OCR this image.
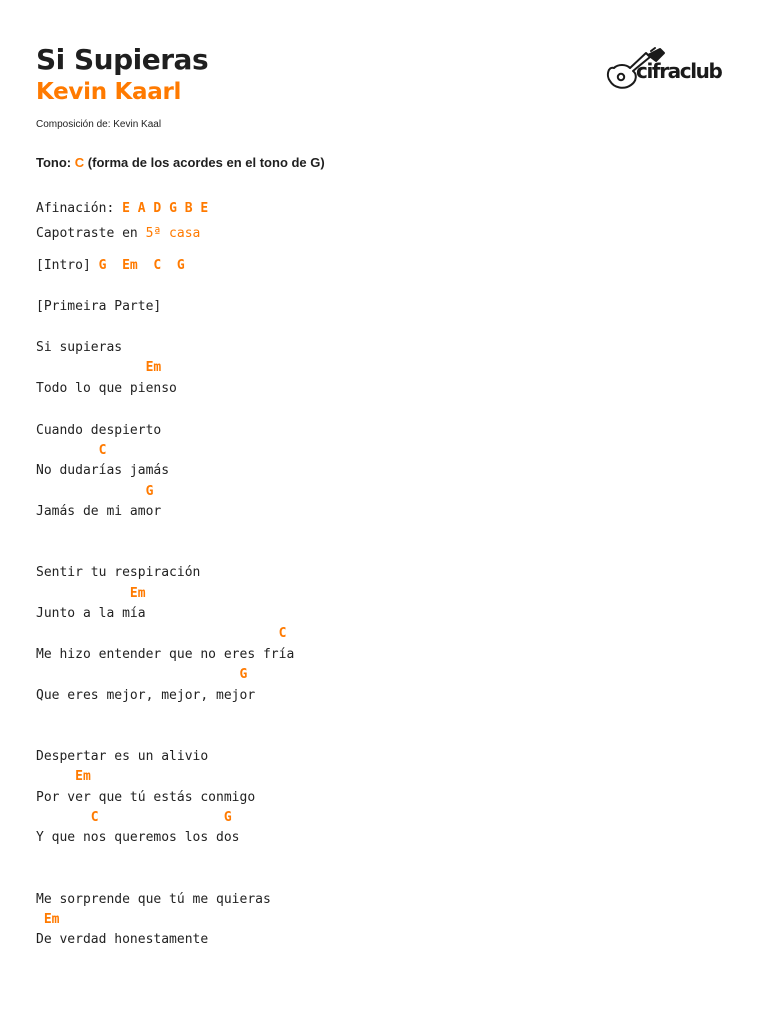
Si Supieras
Kevin Kaarl
Composición de: Kevin Kaal
cifraclub
Tono: C (forma de los acordes en el tono de G)
Afinación: E A D G B E
Capotraste en 5ª casa
[Intro] G Em C G
[Primeira Parte]
Si supieras
Em
Todo lo que pienso
Cuando despierto
C
No dudarías jamás
G
Jamás de mi amor
Sentir tu respiración
Em
Junto a la mía
C
Me hizo entender que no eres fría
G
Que eres mejor, mejor, mejor
Despertar es un alivio
Em
Por ver que tú estás conmigo
C                G
Y que nos queremos los dos
Me sorprende que tú me quieras
Em
De verdad honestamente
